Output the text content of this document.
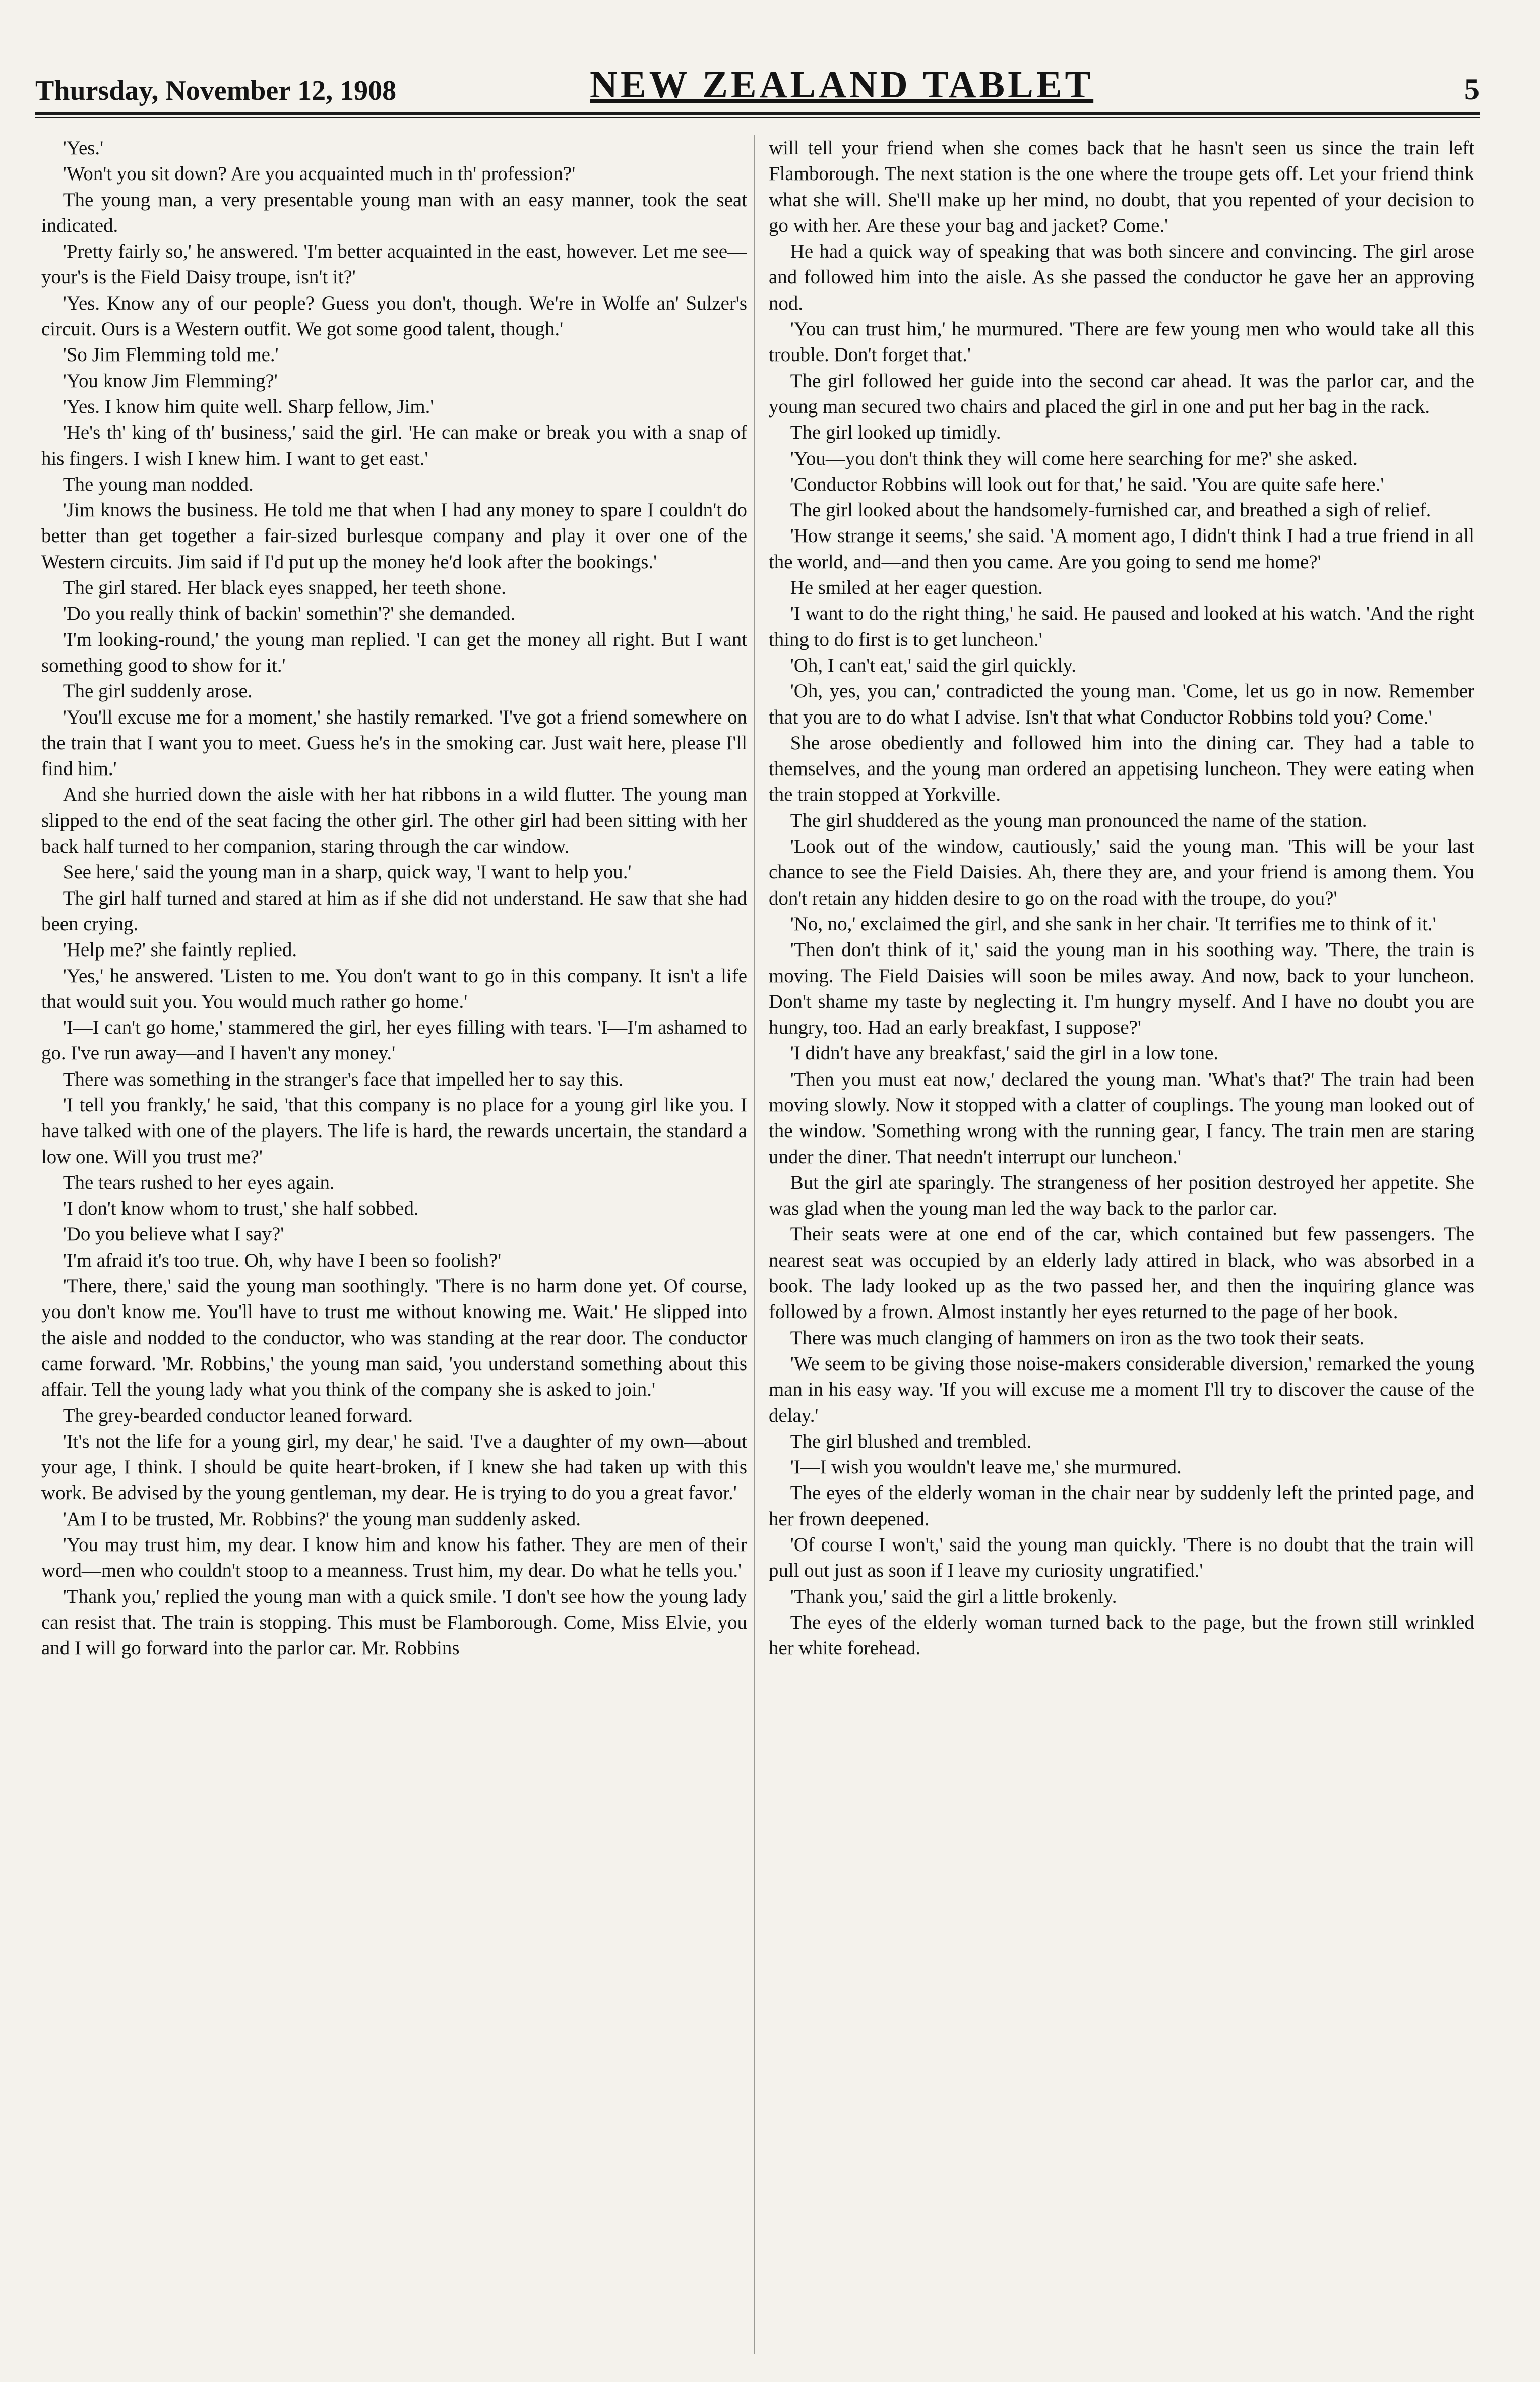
Thursday, November 12, 1908	NEW ZEALAND TABLET	5

'Yes.'

'Won't you sit down? Are you acquainted much in th' profession?'

The young man, a very presentable young man with an easy manner, took the seat indicated.

'Pretty fairly so,' he answered. 'I'm better acquainted in the east, however. Let me see—your's is the Field Daisy troupe, isn't it?'

'Yes. Know any of our people? Guess you don't, though. We're in Wolfe an' Sulzer's circuit. Ours is a Western outfit. We got some good talent, though.'

'So Jim Flemming told me.'

'You know Jim Flemming?'

'Yes. I know him quite well. Sharp fellow, Jim.'

'He's th' king of th' business,' said the girl. 'He can make or break you with a snap of his fingers. I wish I knew him. I want to get east.'

The young man nodded.

'Jim knows the business. He told me that when I had any money to spare I couldn't do better than get together a fair-sized burlesque company and play it over one of the Western circuits. Jim said if I'd put up the money he'd look after the bookings.'

The girl stared. Her black eyes snapped, her teeth shone.

'Do you really think of backin' somethin'?' she demanded.

'I'm looking-round,' the young man replied. 'I can get the money all right. But I want something good to show for it.'

The girl suddenly arose.

'You'll excuse me for a moment,' she hastily remarked. 'I've got a friend somewhere on the train that I want you to meet. Guess he's in the smoking car. Just wait here, please I'll find him.'

And she hurried down the aisle with her hat ribbons in a wild flutter. The young man slipped to the end of the seat facing the other girl. The other girl had been sitting with her back half turned to her companion, staring through the car window.

See here,' said the young man in a sharp, quick way, 'I want to help you.'

The girl half turned and stared at him as if she did not understand. He saw that she had been crying.

'Help me?' she faintly replied.

'Yes,' he answered. 'Listen to me. You don't want to go in this company. It isn't a life that would suit you. You would much rather go home.'

'I—I can't go home,' stammered the girl, her eyes filling with tears. 'I—I'm ashamed to go. I've run away—and I haven't any money.'

There was something in the stranger's face that impelled her to say this.

'I tell you frankly,' he said, 'that this company is no place for a young girl like you. I have talked with one of the players. The life is hard, the rewards uncertain, the standard a low one. Will you trust me?'

The tears rushed to her eyes again.

'I don't know whom to trust,' she half sobbed.

'Do you believe what I say?'

'I'm afraid it's too true. Oh, why have I been so foolish?'

'There, there,' said the young man soothingly. 'There is no harm done yet. Of course, you don't know me. You'll have to trust me without knowing me. Wait.' He slipped into the aisle and nodded to the conductor, who was standing at the rear door. The conductor came forward. 'Mr. Robbins,' the young man said, 'you understand something about this affair. Tell the young lady what you think of the company she is asked to join.'

The grey-bearded conductor leaned forward.

'It's not the life for a young girl, my dear,' he said. 'I've a daughter of my own—about your age, I think. I should be quite heart-broken, if I knew she had taken up with this work. Be advised by the young gentleman, my dear. He is trying to do you a great favor.'

'Am I to be trusted, Mr. Robbins?' the young man suddenly asked.

'You may trust him, my dear. I know him and know his father. They are men of their word—men who couldn't stoop to a meanness. Trust him, my dear. Do what he tells you.'

'Thank you,' replied the young man with a quick smile. 'I don't see how the young lady can resist that. The train is stopping. This must be Flamborough. Come, Miss Elvie, you and I will go forward into the parlor car. Mr. Robbins

will tell your friend when she comes back that he hasn't seen us since the train left Flamborough. The next station is the one where the troupe gets off. Let your friend think what she will. She'll make up her mind, no doubt, that you repented of your decision to go with her. Are these your bag and jacket? Come.'

He had a quick way of speaking that was both sincere and convincing. The girl arose and followed him into the aisle. As she passed the conductor he gave her an approving nod.

'You can trust him,' he murmured. 'There are few young men who would take all this trouble. Don't forget that.'

The girl followed her guide into the second car ahead. It was the parlor car, and the young man secured two chairs and placed the girl in one and put her bag in the rack.

The girl looked up timidly.

'You—you don't think they will come here searching for me?' she asked.

'Conductor Robbins will look out for that,' he said. 'You are quite safe here.'

The girl looked about the handsomely-furnished car, and breathed a sigh of relief.

'How strange it seems,' she said. 'A moment ago, I didn't think I had a true friend in all the world, and—and then you came. Are you going to send me home?'

He smiled at her eager question.

'I want to do the right thing,' he said. He paused and looked at his watch. 'And the right thing to do first is to get luncheon.'

'Oh, I can't eat,' said the girl quickly.

'Oh, yes, you can,' contradicted the young man. 'Come, let us go in now. Remember that you are to do what I advise. Isn't that what Conductor Robbins told you? Come.'

She arose obediently and followed him into the dining car. They had a table to themselves, and the young man ordered an appetising luncheon. They were eating when the train stopped at Yorkville.

The girl shuddered as the young man pronounced the name of the station.

'Look out of the window, cautiously,' said the young man. 'This will be your last chance to see the Field Daisies. Ah, there they are, and your friend is among them. You don't retain any hidden desire to go on the road with the troupe, do you?'

'No, no,' exclaimed the girl, and she sank in her chair. 'It terrifies me to think of it.'

'Then don't think of it,' said the young man in his soothing way. 'There, the train is moving. The Field Daisies will soon be miles away. And now, back to your luncheon. Don't shame my taste by neglecting it. I'm hungry myself. And I have no doubt you are hungry, too. Had an early breakfast, I suppose?'

'I didn't have any breakfast,' said the girl in a low tone.

'Then you must eat now,' declared the young man. 'What's that?' The train had been moving slowly. Now it stopped with a clatter of couplings. The young man looked out of the window. 'Something wrong with the running gear, I fancy. The train men are staring under the diner. That needn't interrupt our luncheon.'

But the girl ate sparingly. The strangeness of her position destroyed her appetite. She was glad when the young man led the way back to the parlor car.

Their seats were at one end of the car, which contained but few passengers. The nearest seat was occupied by an elderly lady attired in black, who was absorbed in a book. The lady looked up as the two passed her, and then the inquiring glance was followed by a frown. Almost instantly her eyes returned to the page of her book.

There was much clanging of hammers on iron as the two took their seats.

'We seem to be giving those noise-makers considerable diversion,' remarked the young man in his easy way. 'If you will excuse me a moment I'll try to discover the cause of the delay.'

The girl blushed and trembled.

'I—I wish you wouldn't leave me,' she murmured.

The eyes of the elderly woman in the chair near by suddenly left the printed page, and her frown deepened.

'Of course I won't,' said the young man quickly. 'There is no doubt that the train will pull out just as soon if I leave my curiosity ungratified.'

'Thank you,' said the girl a little brokenly.

The eyes of the elderly woman turned back to the page, but the frown still wrinkled her white forehead.
